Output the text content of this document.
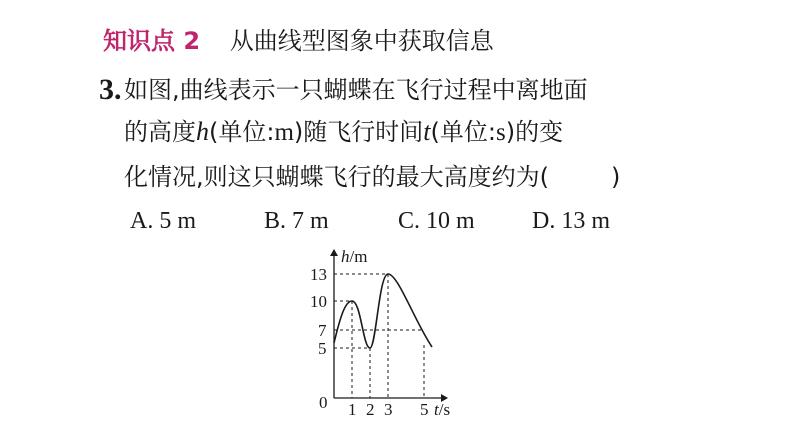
知识点 2 从曲线型图象中获取信息
3. 如图,曲线表示一只蝴蝶在飞行过程中离地面
的高度h(单位:m)随飞行时间t(单位:s)的变
化情况,则这只蝴蝶飞行的最大高度约为(	)
A. 5 m	B. 7 m	C. 10 m D. 13 m
h/m
t/s
0
5
7
10
13
1 2 3 5
